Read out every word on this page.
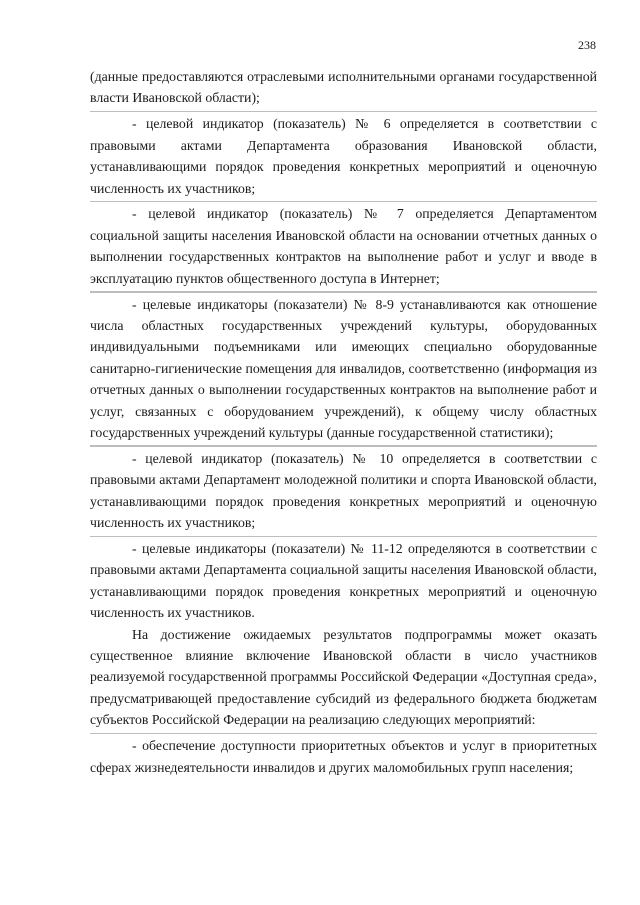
238

(данные предоставляются отраслевыми исполнительными органами государственной власти Ивановской области);

- целевой индикатор (показатель) № 6 определяется в соответствии с правовыми актами Департамента образования Ивановской области, устанавливающими порядок проведения конкретных мероприятий и оценочную численность их участников;

- целевой индикатор (показатель) № 7 определяется Департаментом социальной защиты населения Ивановской области на основании отчетных данных о выполнении государственных контрактов на выполнение работ и услуг и вводе в эксплуатацию пунктов общественного доступа в Интернет;

- целевые индикаторы (показатели) № 8-9 устанавливаются как отношение числа областных государственных учреждений культуры, оборудованных индивидуальными подъемниками или имеющих специально оборудованные санитарно-гигиенические помещения для инвалидов, соответственно (информация из отчетных данных о выполнении государственных контрактов на выполнение работ и услуг, связанных с оборудованием учреждений), к общему числу областных государственных учреждений культуры (данные государственной статистики);

- целевой индикатор (показатель) № 10 определяется в соответствии с правовыми актами Департамент молодежной политики и спорта Ивановской области, устанавливающими порядок проведения конкретных мероприятий и оценочную численность их участников;

- целевые индикаторы (показатели) № 11-12 определяются в соответствии с правовыми актами Департамента социальной защиты населения Ивановской области, устанавливающими порядок проведения конкретных мероприятий и оценочную численность их участников.

На достижение ожидаемых результатов подпрограммы может оказать существенное влияние включение Ивановской области в число участников реализуемой государственной программы Российской Федерации «Доступная среда», предусматривающей предоставление субсидий из федерального бюджета бюджетам субъектов Российской Федерации на реализацию следующих мероприятий:

- обеспечение доступности приоритетных объектов и услуг в приоритетных сферах жизнедеятельности инвалидов и других маломобильных групп населения;
